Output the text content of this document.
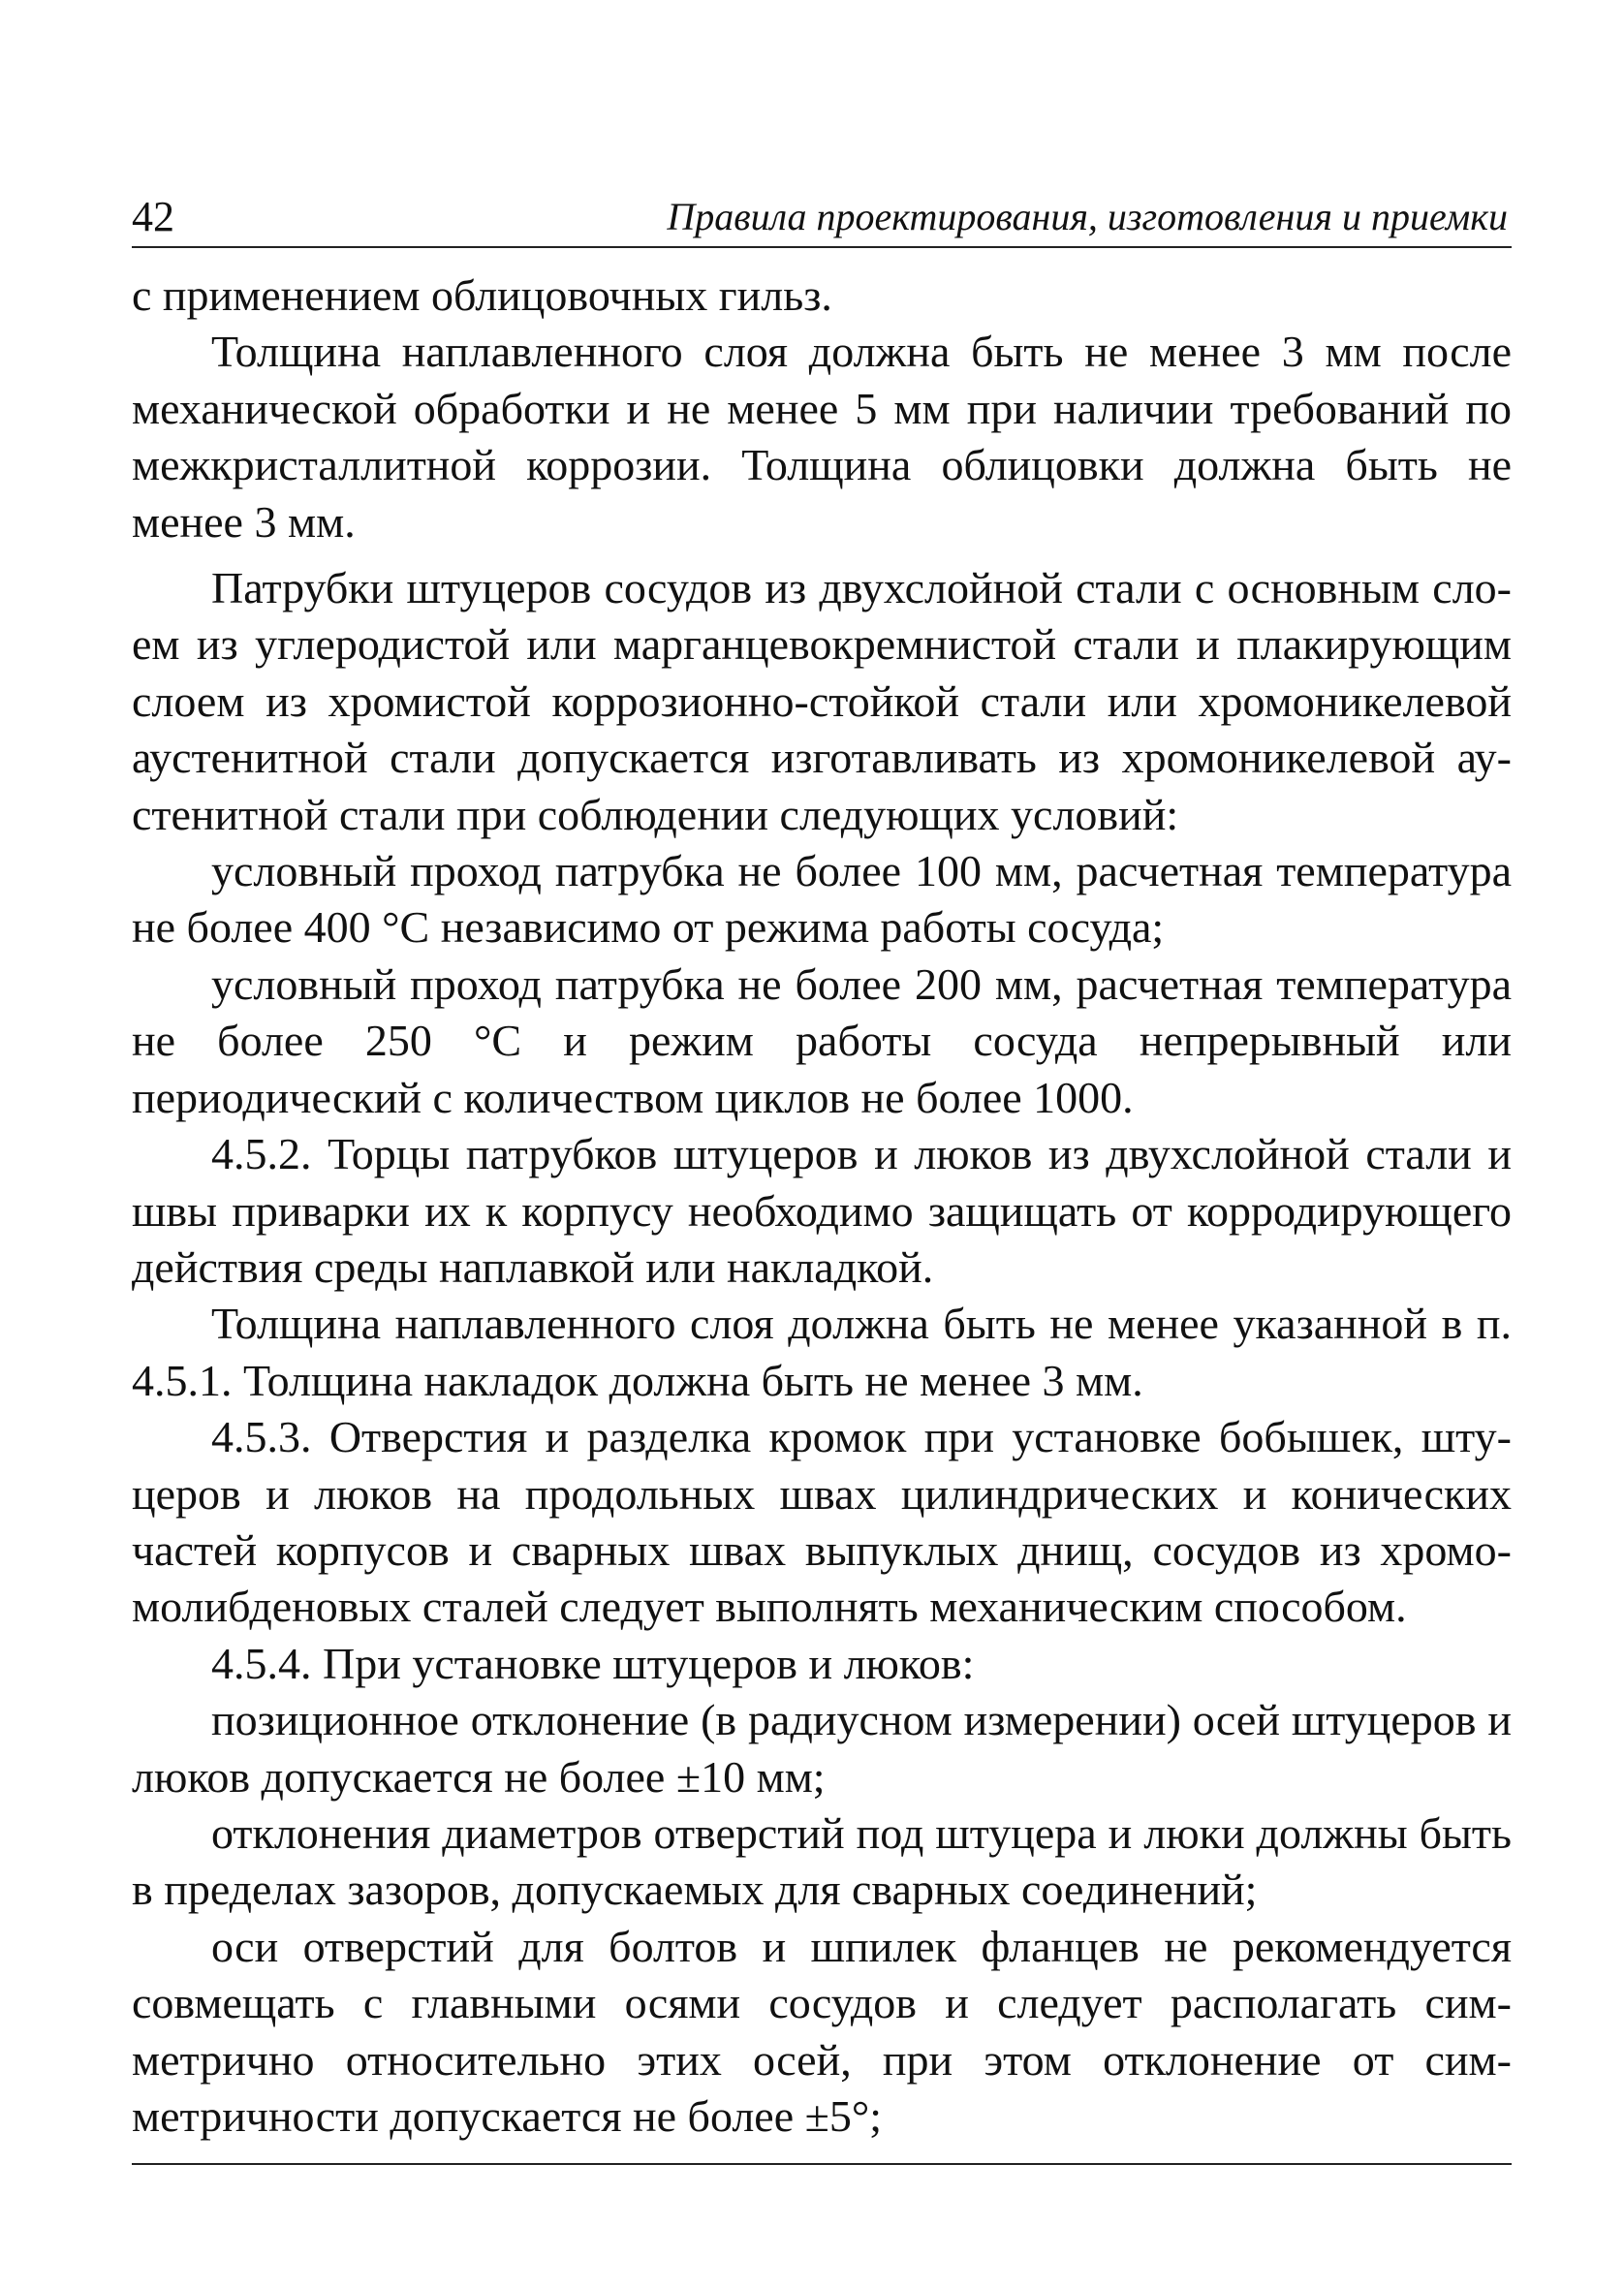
42	Правила проектирования, изготовления и приемки

с применением облицовочных гильз.

Толщина наплавленного слоя должна быть не менее 3 мм после механической обработки и не менее 5 мм при наличии требований по межкристаллитной коррозии. Толщина облицовки должна быть не менее 3 мм.

Патрубки штуцеров сосудов из двухслойной стали с основным слоем из углеродистой или марганцевокремнистой стали и плакирующим слоем из хромистой коррозионно-стойкой стали или хромоникелевой аустенитной стали допускается изготавливать из хромоникелевой аустенитной стали при соблюдении следующих условий:

условный проход патрубка не более 100 мм, расчетная температура не более 400 °С независимо от режима работы сосуда;

условный проход патрубка не более 200 мм, расчетная температура не более 250 °С и режим работы сосуда непрерывный или периодический с количеством циклов не более 1000.

4.5.2. Торцы патрубков штуцеров и люков из двухслойной стали и швы приварки их к корпусу необходимо защищать от корродирующего действия среды наплавкой или накладкой.

Толщина наплавленного слоя должна быть не менее указанной в п. 4.5.1. Толщина накладок должна быть не менее 3 мм.

4.5.3. Отверстия и разделка кромок при установке бобышек, штуцеров и люков на продольных швах цилиндрических и конических частей корпусов и сварных швах выпуклых днищ, сосудов из хромомолибденовых сталей следует выполнять механическим способом.

4.5.4. При установке штуцеров и люков:

позиционное отклонение (в радиусном измерении) осей штуцеров и люков допускается не более ±10 мм;

отклонения диаметров отверстий под штуцера и люки должны быть в пределах зазоров, допускаемых для сварных соединений;

оси отверстий для болтов и шпилек фланцев не рекомендуется совмещать с главными осями сосудов и следует располагать симметрично относительно этих осей, при этом отклонение от симметричности допускается не более ±5°;
